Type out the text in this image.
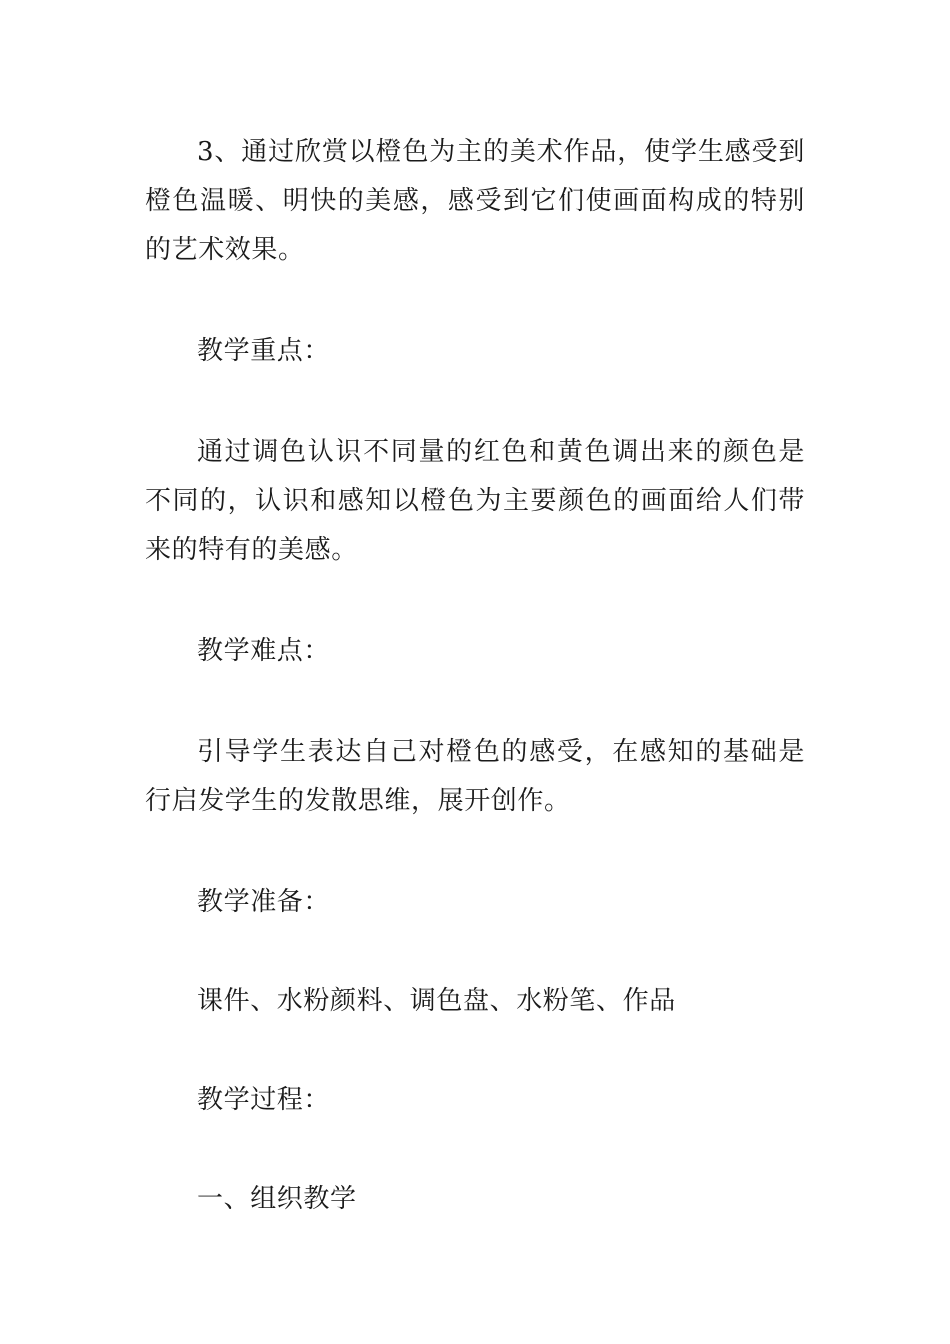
3、通过欣赏以橙色为主的美术作品，使学生感受到橙色温暖、明快的美感，感受到它们使画面构成的特别的艺术效果。

教学重点：

通过调色认识不同量的红色和黄色调出来的颜色是不同的，认识和感知以橙色为主要颜色的画面给人们带来的特有的美感。

教学难点：

引导学生表达自己对橙色的感受，在感知的基础是行启发学生的发散思维，展开创作。

教学准备：

课件、水粉颜料、调色盘、水粉笔、作品

教学过程：

一、组织教学
